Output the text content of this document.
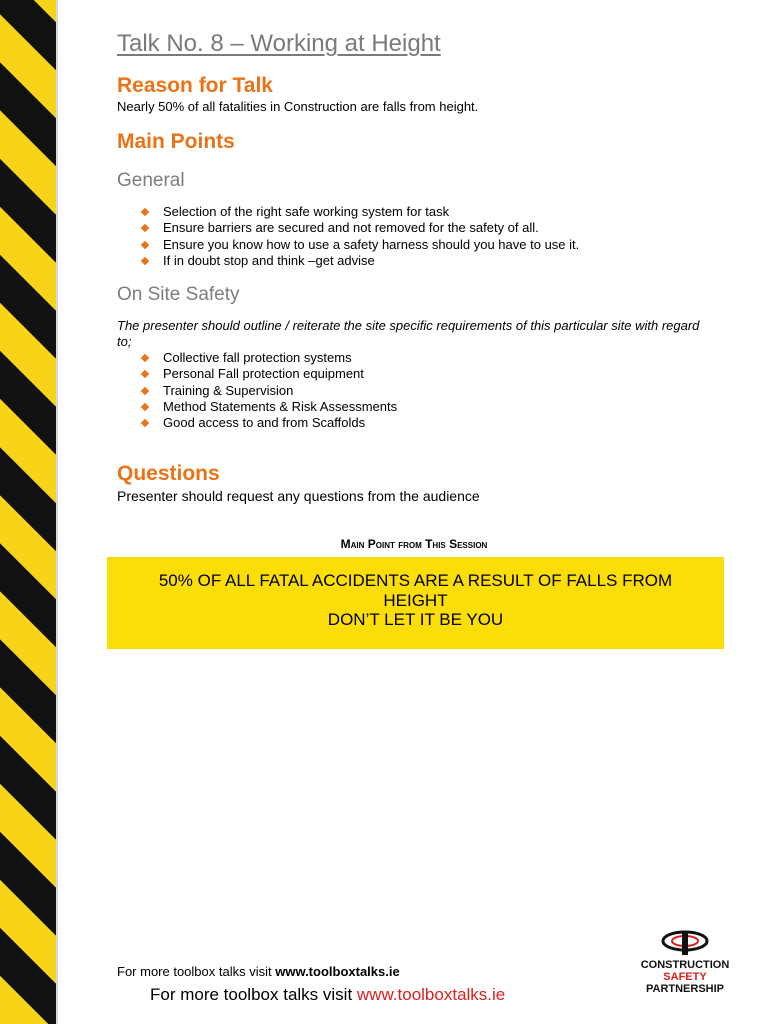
Talk No. 8 – Working at Height
Reason for Talk
Nearly 50% of all fatalities in Construction are falls from height.
Main Points
General
Selection of the right safe working system for task
Ensure barriers are secured and not removed for the safety of all.
Ensure you know how to use a safety harness should you have to use it.
If in doubt stop and think –get advise
On Site Safety
The presenter should outline / reiterate the site specific requirements of this particular site with regard to;
Collective fall protection systems
Personal Fall protection equipment
Training & Supervision
Method Statements & Risk Assessments
Good access to and from Scaffolds
Questions
Presenter should request any questions from the audience
Main Point from This Session
50% OF ALL FATAL ACCIDENTS ARE A RESULT OF FALLS FROM
HEIGHT
DON’T LET IT BE YOU
For more toolbox talks visit www.toolboxtalks.ie
For more toolbox talks visit www.toolboxtalks.ie
CONSTRUCTION
SAFETY
PARTNERSHIP
